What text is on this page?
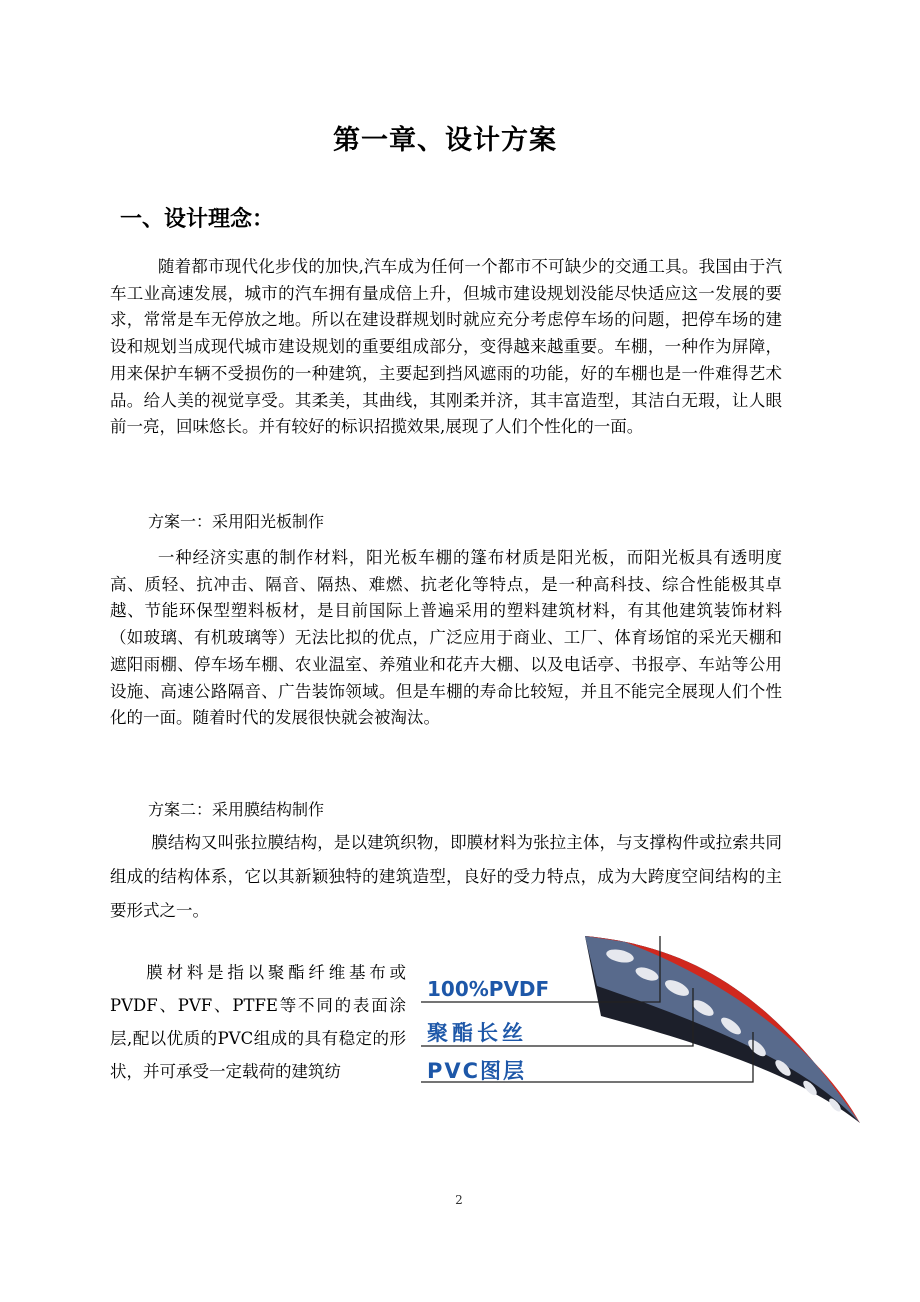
第一章、设计方案
一、设计理念：
随着都市现代化步伐的加快,汽车成为任何一个都市不可缺少的交通工具。我国由于汽车工业高速发展，城市的汽车拥有量成倍上升，但城市建设规划没能尽快适应这一发展的要求，常常是车无停放之地。所以在建设群规划时就应充分考虑停车场的问题，把停车场的建设和规划当成现代城市建设规划的重要组成部分，变得越来越重要。车棚，一种作为屏障，用来保护车辆不受损伤的一种建筑，主要起到挡风遮雨的功能，好的车棚也是一件难得艺术品。给人美的视觉享受。其柔美，其曲线，其刚柔并济，其丰富造型，其洁白无瑕，让人眼前一亮，回味悠长。并有较好的标识招揽效果,展现了人们个性化的一面。
方案一：采用阳光板制作
一种经济实惠的制作材料，阳光板车棚的篷布材质是阳光板，而阳光板具有透明度高、质轻、抗冲击、隔音、隔热、难燃、抗老化等特点，是一种高科技、综合性能极其卓越、节能环保型塑料板材，是目前国际上普遍采用的塑料建筑材料，有其他建筑装饰材料（如玻璃、有机玻璃等）无法比拟的优点，广泛应用于商业、工厂、体育场馆的采光天棚和遮阳雨棚、停车场车棚、农业温室、养殖业和花卉大棚、以及电话亭、书报亭、车站等公用设施、高速公路隔音、广告装饰领域。但是车棚的寿命比较短，并且不能完全展现人们个性化的一面。随着时代的发展很快就会被淘汰。
方案二：采用膜结构制作
膜结构又叫张拉膜结构，是以建筑织物，即膜材料为张拉主体，与支撑构件或拉索共同组成的结构体系，它以其新颖独特的建筑造型，良好的受力特点，成为大跨度空间结构的主要形式之一。
膜材料是指以聚酯纤维基布或PVDF、PVF、PTFE等不同的表面涂层,配以优质的PVC组成的具有稳定的形状，并可承受一定载荷的建筑纺
100%PVDF
聚酯长丝
PVC图层
2
